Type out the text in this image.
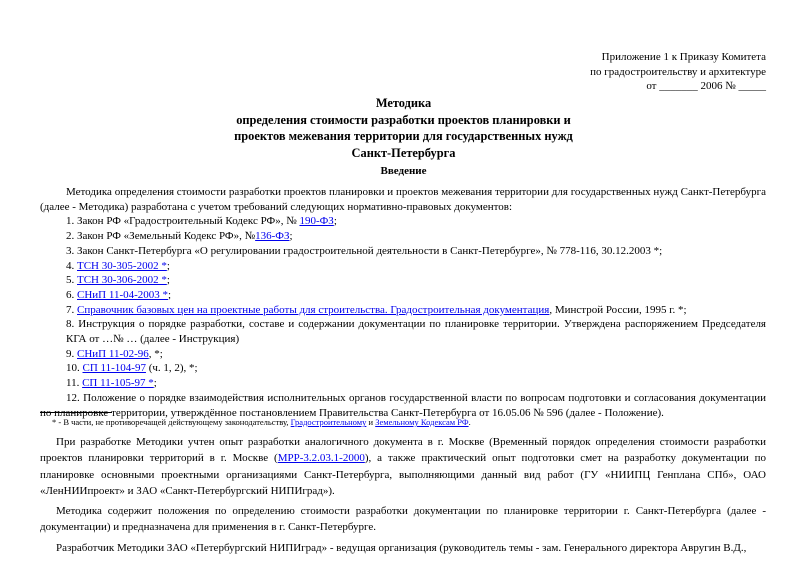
Приложение 1 к Приказу Комитета
по градостроительству и архитектуре
от _______ 2006 № _____
Методика
определения стоимости разработки проектов планировки и
проектов межевания территории для государственных нужд
Санкт-Петербурга
Введение

Методика определения стоимости разработки проектов планировки и проектов межевания территории для государственных нужд Санкт-Петербурга (далее - Методика) разработана с учетом требований следующих нормативно-правовых документов:

1. Закон РФ «Градостроительный Кодекс РФ», № 190-ФЗ;

2. Закон РФ «Земельный Кодекс РФ», №136-ФЗ;

3. Закон Санкт-Петербурга «О регулировании градостроительной деятельности в Санкт-Петербурге», № 778-116, 30.12.2003 *;

4. ТСН 30-305-2002 *;

5. ТСН 30-306-2002 *;

6. СНиП 11-04-2003 *;

7. Справочник базовых цен на проектные работы для строительства. Градостроительная документация, Минстрой России, 1995 г. *;

8. Инструкция о порядке разработки, составе и содержании документации по планировке территории. Утверждена распоряжением Председателя КГА от …№ … (далее - Инструкция)

9. СНиП 11-02-96, *;

10. СП 11-104-97 (ч. 1, 2), *;

11. СП 11-105-97 *;

12. Положение о порядке взаимодействия исполнительных органов государственной власти по вопросам подготовки и согласования документации по планировке территории, утверждённое постановлением Правительства Санкт-Петербурга от 16.05.06 № 596 (далее - Положение).

* - В части, не противоречащей действующему законодательству, Градостроительному и Земельному Кодексам РФ.

При разработке Методики учтен опыт разработки аналогичного документа в г. Москве (Временный порядок определения стоимости разработки проектов планировки территорий в г. Москве (МРР-3.2.03.1-2000), а также практический опыт подготовки смет на разработку документации по планировке основными проектными организациями Санкт-Петербурга, выполняющими данный вид работ (ГУ «НИИПЦ Генплана СПб», ОАО «ЛенНИИпроект» и ЗАО «Санкт-Петербургский НИПИград»).

Методика содержит положения по определению стоимости разработки документации по планировке территории г. Санкт-Петербурга (далее - документации) и предназначена для применения в г. Санкт-Петербурге.

Разработчик Методики ЗАО «Петербургский НИПИград» - ведущая организация (руководитель темы - зам. Генерального директора Авругин В.Д.,
